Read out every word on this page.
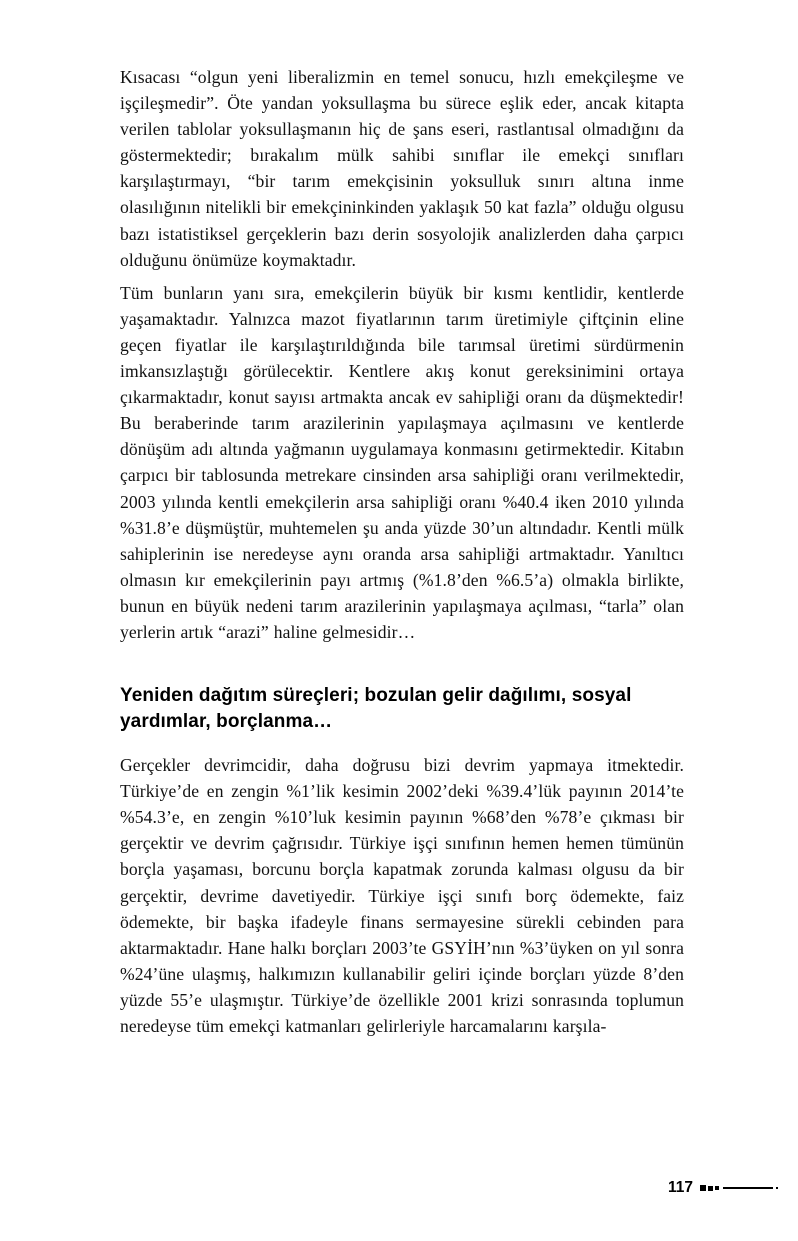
Kısacası “olgun yeni liberalizmin en temel sonucu, hızlı emekçileşme ve işçileşmedir”. Öte yandan yoksullaşma bu sürece eşlik eder, ancak kitapta verilen tablolar yoksullaşmanın hiç de şans eseri, rastlantısal olmadığını da göstermektedir; bırakalım mülk sahibi sınıflar ile emekçi sınıfları karşılaştırmayı, “bir tarım emekçisinin yoksulluk sınırı altına inme olasılığının nitelikli bir emekçininkinden yaklaşık 50 kat fazla” olduğu olgusu bazı istatistiksel gerçeklerin bazı derin sosyolojik analizlerden daha çarpıcı olduğunu önümüze koymaktadır.

Tüm bunların yanı sıra, emekçilerin büyük bir kısmı kentlidir, kentlerde yaşamaktadır. Yalnızca mazot fiyatlarının tarım üretimiyle çiftçinin eline geçen fiyatlar ile karşılaştırıldığında bile tarımsal üretimi sürdürmenin imkansızlaştığı görülecektir. Kentlere akış konut gereksinimini ortaya çıkarmaktadır, konut sayısı artmakta ancak ev sahipliği oranı da düşmektedir! Bu beraberinde tarım arazilerinin yapılaşmaya açılmasını ve kentlerde dönüşüm adı altında yağmanın uygulamaya konmasını getirmektedir. Kitabın çarpıcı bir tablosunda metrekare cinsinden arsa sahipliği oranı verilmektedir, 2003 yılında kentli emekçilerin arsa sahipliği oranı %40.4 iken 2010 yılında %31.8’e düşmüştür, muhtemelen şu anda yüzde 30’un altındadır. Kentli mülk sahiplerinin ise neredeyse aynı oranda arsa sahipliği artmaktadır. Yanıltıcı olmasın kır emekçilerinin payı artmış (%1.8’den %6.5’a) olmakla birlikte, bunun en büyük nedeni tarım arazilerinin yapılaşmaya açılması, “tarla” olan yerlerin artık “arazi” haline gelmesidir…

Yeniden dağıtım süreçleri; bozulan gelir dağılımı, sosyal yardımlar, borçlanma…

Gerçekler devrimcidir, daha doğrusu bizi devrim yapmaya itmektedir. Türkiye’de en zengin %1’lik kesimin 2002’deki %39.4’lük payının 2014’te %54.3’e, en zengin %10’luk kesimin payının %68’den %78’e çıkması bir gerçektir ve devrim çağrısıdır. Türkiye işçi sınıfının hemen hemen tümünün borçla yaşaması, borcunu borçla kapatmak zorunda kalması olgusu da bir gerçektir, devrime davetiyedir. Türkiye işçi sınıfı borç ödemekte, faiz ödemekte, bir başka ifadeyle finans sermayesine sürekli cebinden para aktarmaktadır. Hane halkı borçları 2003’te GSYİH’nın %3’üyken on yıl sonra %24’üne ulaşmış, halkımızın kullanabilir geliri içinde borçları yüzde 8’den yüzde 55’e ulaşmıştır. Türkiye’de özellikle 2001 krizi sonrasında toplumun neredeyse tüm emekçi katmanları gelirleriyle harcamalarını karşıla-

117
